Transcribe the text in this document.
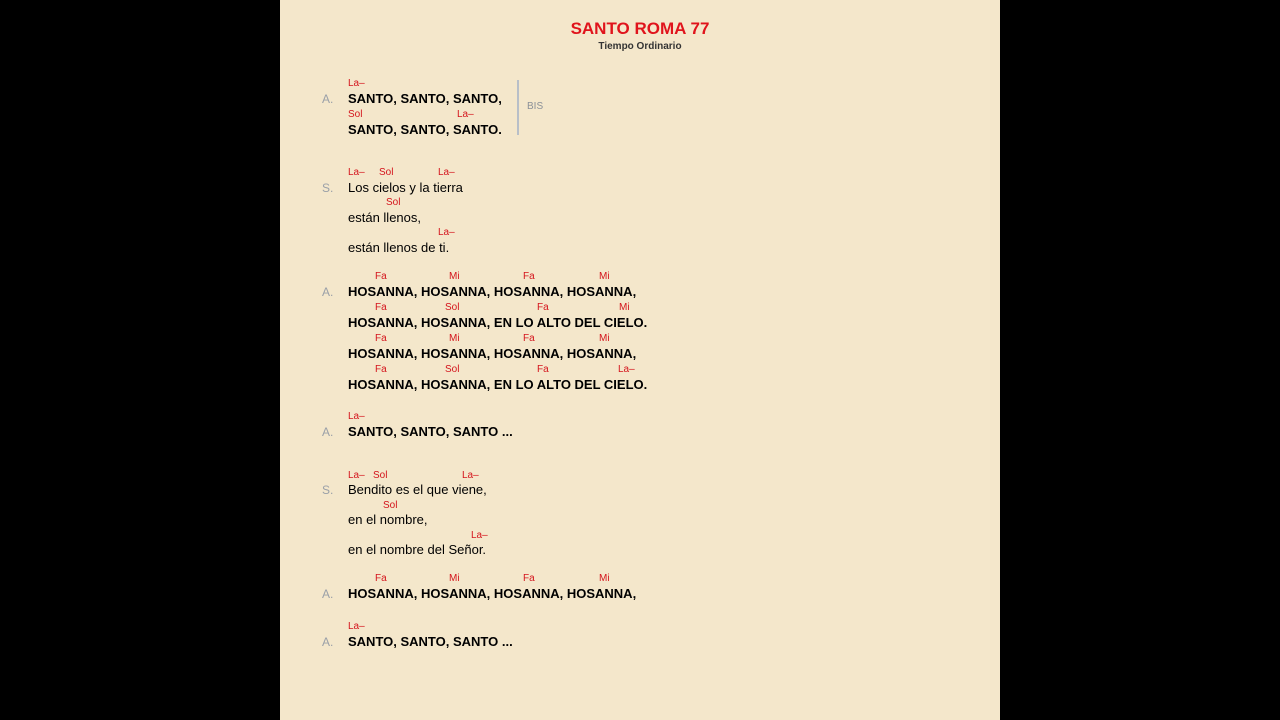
SANTO ROMA 77
Tiempo Ordinario
A.
La–
SANTO, SANTO, SANTO,
Sol	La–
SANTO, SANTO, SANTO.
BIS
S.
La– Sol	La–
Los cielos y la tierra
Sol
están llenos,
La–
están llenos de ti.
A.
Fa	Mi	Fa	Mi
HOSANNA, HOSANNA, HOSANNA, HOSANNA,
Fa	Sol	Fa	Mi
HOSANNA, HOSANNA, EN LO ALTO DEL CIELO.
Fa	Mi	Fa	Mi
HOSANNA, HOSANNA, HOSANNA, HOSANNA,
Fa	Sol	Fa	La–
HOSANNA, HOSANNA, EN LO ALTO DEL CIELO.
A.
La–
SANTO, SANTO, SANTO ...
S.
La– Sol	La–
Bendito es el que viene,
Sol
en el nombre,
La–
en el nombre del Señor.
A.
Fa	Mi	Fa	Mi
HOSANNA, HOSANNA, HOSANNA, HOSANNA,
A.
La–
SANTO, SANTO, SANTO ...
